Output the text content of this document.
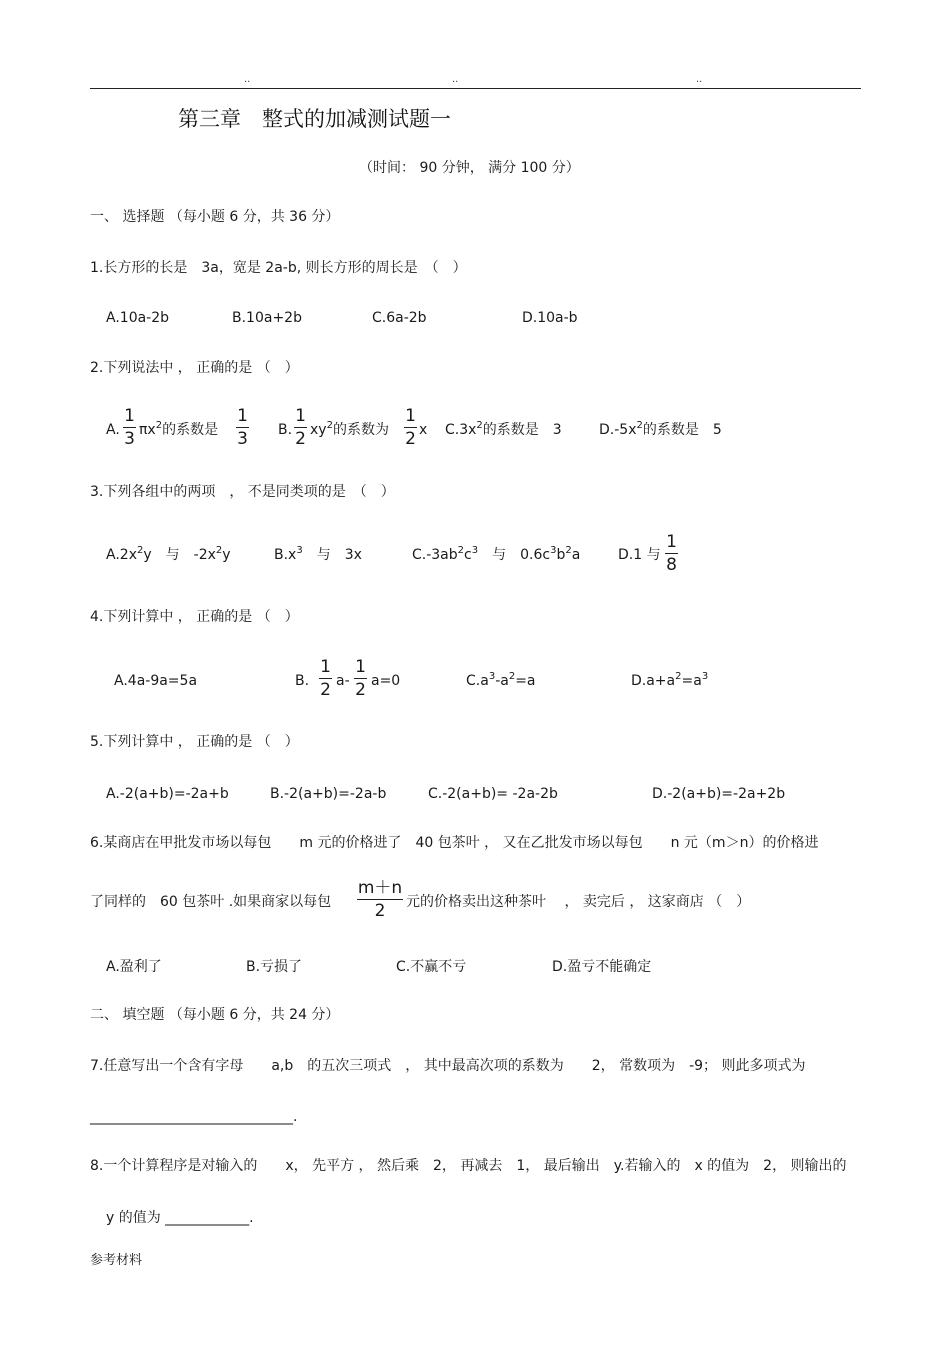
..	..	..
第三章　整式的加减测试题一
（时间： 90 分钟， 满分 100 分）
一、 选择题 （每小题 6 分，共 36 分）
1.长方形的长是　3a，宽是 2a-b, 则长方形的周长是　（　）
A.10a-2b	B.10a+2b	C.6a-2b	D.10a-b
2.下列说法中 ， 正确的是 （　）
A.
1
3 $\pi x^2$的系数是
1
3 B.
1
2 $xy^2$的系数为
1
2 x $C.3x^2$的系数是　3	$D.-5x^2$的系数是　5
3.下列各组中的两项　， 不是同类项的是　（　）
$A.2x^2y$　与　$-2x^2y$	$B.x^3$　与　3x	$C.-3ab^2c^3$　与　$0.6c^3b^2a$	D.1 与
1
8
4.下列计算中 ， 正确的是 （　）
A.4a-9a=5a	B.
1
2 a-
1
2 a=0	$C.a^3-a^2=a$	$D.a+a^2=a^3$
5.下列计算中 ， 正确的是 （　）
A.-2(a+b)=-2a+b	B.-2(a+b)=-2a-b	C.-2(a+b)= -2a-2b	D.-2(a+b)=-2a+2b
6.某商店在甲批发市场以每包　　m 元的价格进了　40 包茶叶 ， 又在乙批发市场以每包　　n 元（m＞n）的价格进
了同样的　60 包茶叶 .如果商家以每包
m＋n
2	元的价格卖出这种茶叶　 ， 卖完后 ， 这家商店 （　）
A.盈利了	B.亏损了	C.不赢不亏	D.盈亏不能确定
二、 填空题 （每小题 6 分，共 24 分）
7.任意写出一个含有字母　　a,b　的五次三项式　， 其中最高次项的系数为　　2， 常数项为　-9； 则此多项式为
_____________________________.
8.一个计算程序是对输入的　　x， 先平方 ， 然后乘　2， 再减去　1， 最后输出　y.若输入的　x 的值为　2， 则输出的
y 的值为 ____________.
参考材料
